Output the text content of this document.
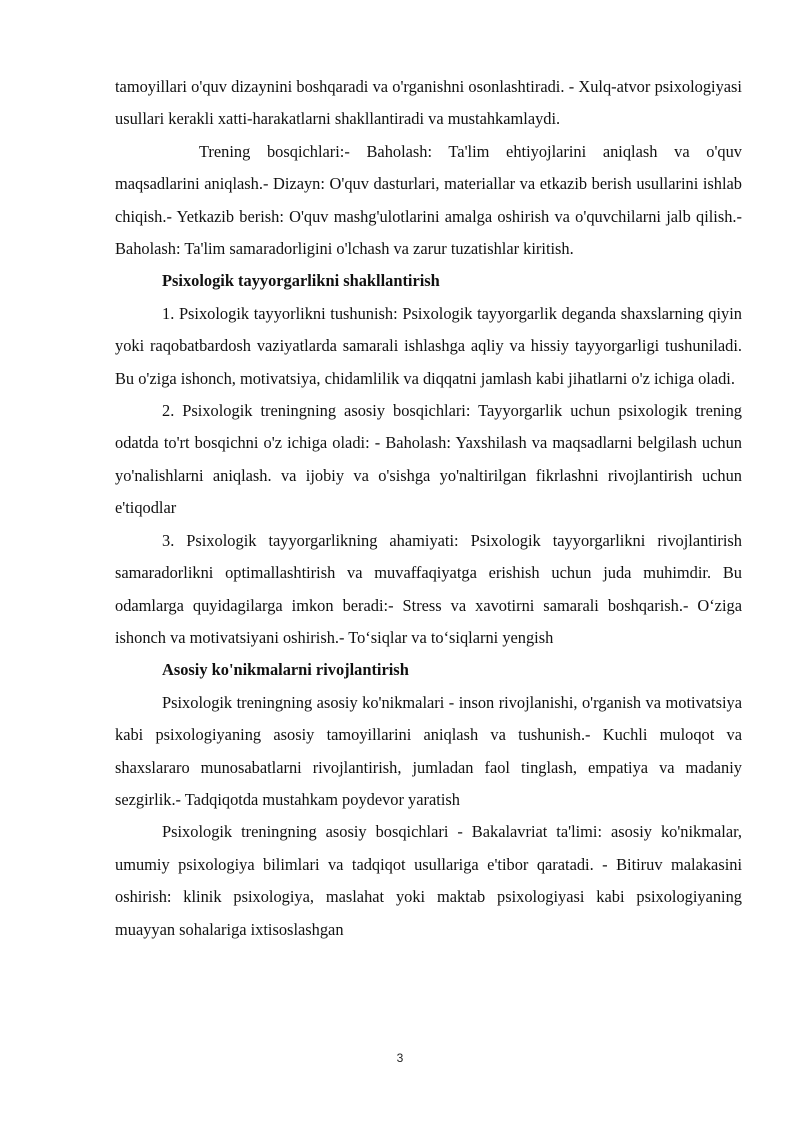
tamoyillari o'quv dizaynini boshqaradi va o'rganishni osonlashtiradi. - Xulq-atvor psixologiyasi usullari kerakli xatti-harakatlarni shakllantiradi va mustahkamlaydi.

Trening bosqichlari:- Baholash: Ta'lim ehtiyojlarini aniqlash va o'quv maqsadlarini aniqlash.- Dizayn: O'quv dasturlari, materiallar va etkazib berish usullarini ishlab chiqish.- Yetkazib berish: O'quv mashg'ulotlarini amalga oshirish va o'quvchilarni jalb qilish.- Baholash: Ta'lim samaradorligini o'lchash va zarur tuzatishlar kiritish.

Psixologik tayyorgarlikni shakllantirish

1. Psixologik tayyorlikni tushunish: Psixologik tayyorgarlik deganda shaxslarning qiyin yoki raqobatbardosh vaziyatlarda samarali ishlashga aqliy va hissiy tayyorgarligi tushuniladi. Bu o'ziga ishonch, motivatsiya, chidamlilik va diqqatni jamlash kabi jihatlarni o'z ichiga oladi.

2. Psixologik treningning asosiy bosqichlari: Tayyorgarlik uchun psixologik trening odatda to'rt bosqichni o'z ichiga oladi: - Baholash: Yaxshilash va maqsadlarni belgilash uchun yo'nalishlarni aniqlash. va ijobiy va o'sishga yo'naltirilgan fikrlashni rivojlantirish uchun e'tiqodlar

3. Psixologik tayyorgarlikning ahamiyati: Psixologik tayyorgarlikni rivojlantirish samaradorlikni optimallashtirish va muvaffaqiyatga erishish uchun juda muhimdir. Bu odamlarga quyidagilarga imkon beradi:- Stress va xavotirni samarali boshqarish.- O‘ziga ishonch va motivatsiyani oshirish.- To‘siqlar va to‘siqlarni yengish

Asosiy ko'nikmalarni rivojlantirish

Psixologik treningning asosiy ko'nikmalari - inson rivojlanishi, o'rganish va motivatsiya kabi psixologiyaning asosiy tamoyillarini aniqlash va tushunish.- Kuchli muloqot va shaxslararo munosabatlarni rivojlantirish, jumladan faol tinglash, empatiya va madaniy sezgirlik.- Tadqiqotda mustahkam poydevor yaratish

Psixologik treningning asosiy bosqichlari - Bakalavriat ta'limi: asosiy ko'nikmalar, umumiy psixologiya bilimlari va tadqiqot usullariga e'tibor qaratadi. - Bitiruv malakasini oshirish: klinik psixologiya, maslahat yoki maktab psixologiyasi kabi psixologiyaning muayyan sohalariga ixtisoslashgan

3
